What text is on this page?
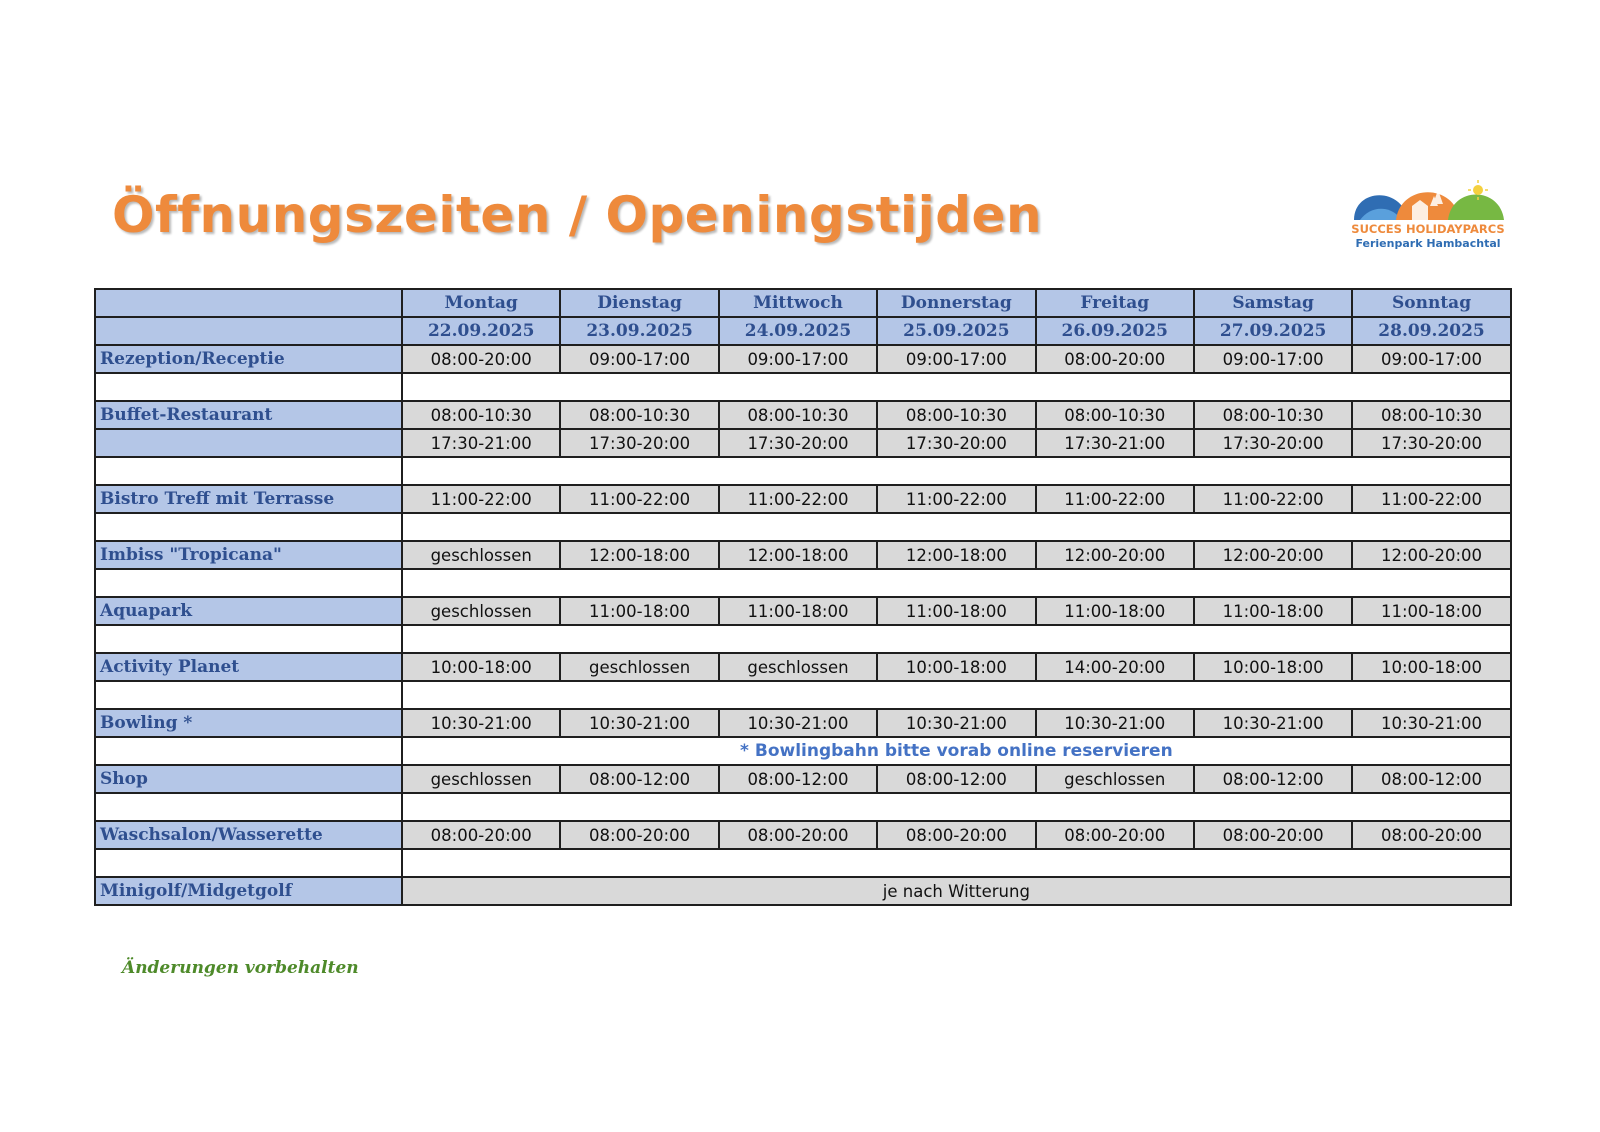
Öffnungszeiten / Openingstijden	SUCCES HOLIDAYPARCS
Ferienpark Hambachtal
	Montag	Dienstag	Mittwoch	Donnerstag	Freitag	Samstag	Sonntag
	22.09.2025	23.09.2025	24.09.2025	25.09.2025	26.09.2025	27.09.2025	28.09.2025
Rezeption/Receptie	08:00-20:00	09:00-17:00	09:00-17:00	09:00-17:00	08:00-20:00	09:00-17:00	09:00-17:00

Buffet-Restaurant	08:00-10:30	08:00-10:30	08:00-10:30	08:00-10:30	08:00-10:30	08:00-10:30	08:00-10:30
	17:30-21:00	17:30-20:00	17:30-20:00	17:30-20:00	17:30-21:00	17:30-20:00	17:30-20:00

Bistro Treff mit Terrasse	11:00-22:00	11:00-22:00	11:00-22:00	11:00-22:00	11:00-22:00	11:00-22:00	11:00-22:00

Imbiss "Tropicana"	geschlossen	12:00-18:00	12:00-18:00	12:00-18:00	12:00-20:00	12:00-20:00	12:00-20:00

Aquapark	geschlossen	11:00-18:00	11:00-18:00	11:00-18:00	11:00-18:00	11:00-18:00	11:00-18:00

Activity Planet	10:00-18:00	geschlossen	geschlossen	10:00-18:00	14:00-20:00	10:00-18:00	10:00-18:00

Bowling *	10:30-21:00	10:30-21:00	10:30-21:00	10:30-21:00	10:30-21:00	10:30-21:00	10:30-21:00
	* Bowlingbahn bitte vorab online reservieren						
Shop	geschlossen	08:00-12:00	08:00-12:00	08:00-12:00	geschlossen	08:00-12:00	08:00-12:00

Waschsalon/Wasserette	08:00-20:00	08:00-20:00	08:00-20:00	08:00-20:00	08:00-20:00	08:00-20:00	08:00-20:00

Minigolf/Midgetgolf	je nach Witterung						

Änderungen vorbehalten
